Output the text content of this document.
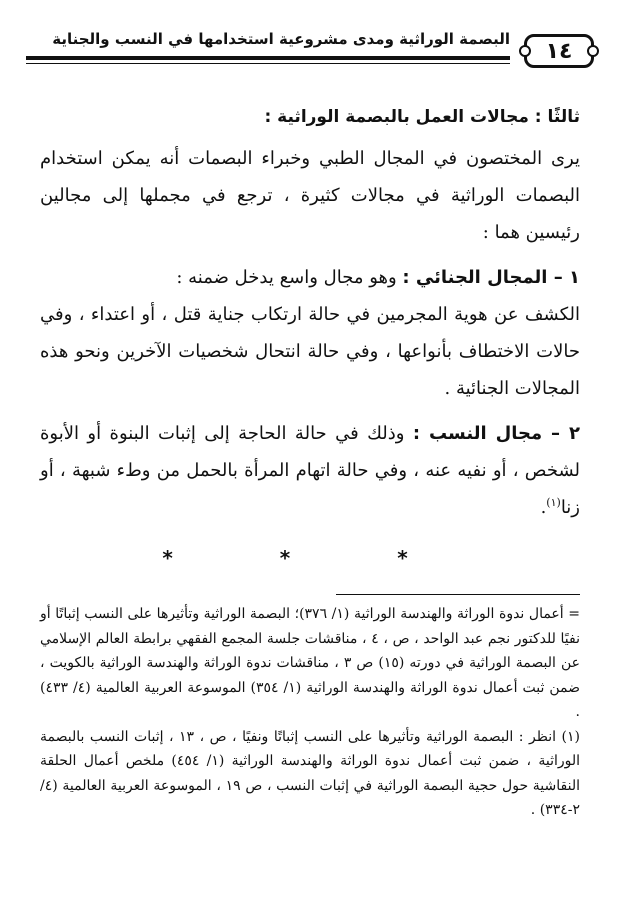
البصمة الوراثية ومدى مشروعية استخدامها في النسب والجناية	١٤

ثالثًا : مجالات العمل بالبصمة الوراثية :

يرى المختصون في المجال الطبي وخبراء البصمات أنه يمكن استخدام البصمات الوراثية في مجالات كثيرة ، ترجع في مجملها إلى مجالين رئيسين هما :

١ – المجال الجنائي : وهو مجال واسع يدخل ضمنه :

الكشف عن هوية المجرمين في حالة ارتكاب جناية قتل ، أو اعتداء ، وفي حالات الاختطاف بأنواعها ، وفي حالة انتحال شخصيات الآخرين ونحو هذه المجالات الجنائية .

٢ – مجال النسب : وذلك في حالة الحاجة إلى إثبات البنوة أو الأبوة لشخص ، أو نفيه عنه ، وفي حالة اتهام المرأة بالحمل من وطء شبهة ، أو زنا$^{(١)}$.

* * *

= أعمال ندوة الوراثة والهندسة الوراثية (١/ ٣٧٦)؛ البصمة الوراثية وتأثيرها على النسب إثباتًا أو نفيًا للدكتور نجم عبد الواحد ، ص ، ٤ ، مناقشات جلسة المجمع الفقهي برابطة العالم الإسلامي عن البصمة الوراثية في دورته (١٥) ص ٣ ، مناقشات ندوة الوراثة والهندسة الوراثية بالكويت ، ضمن ثبت أعمال ندوة الوراثة والهندسة الوراثية (١/ ٣٥٤) الموسوعة العربية العالمية (٤/ ٤٣٣) .

(١) انظر : البصمة الوراثية وتأثيرها على النسب إثباتًا ونفيًا ، ص ، ١٣ ، إثبات النسب بالبصمة الوراثية ، ضمن ثبت أعمال ندوة الوراثة والهندسة الوراثية (١/ ٤٥٤) ملخص أعمال الحلقة النقاشية حول حجية البصمة الوراثية في إثبات النسب ، ص ١٩ ، الموسوعة العربية العالمية (٤/ ٢-٣٣٤) .
